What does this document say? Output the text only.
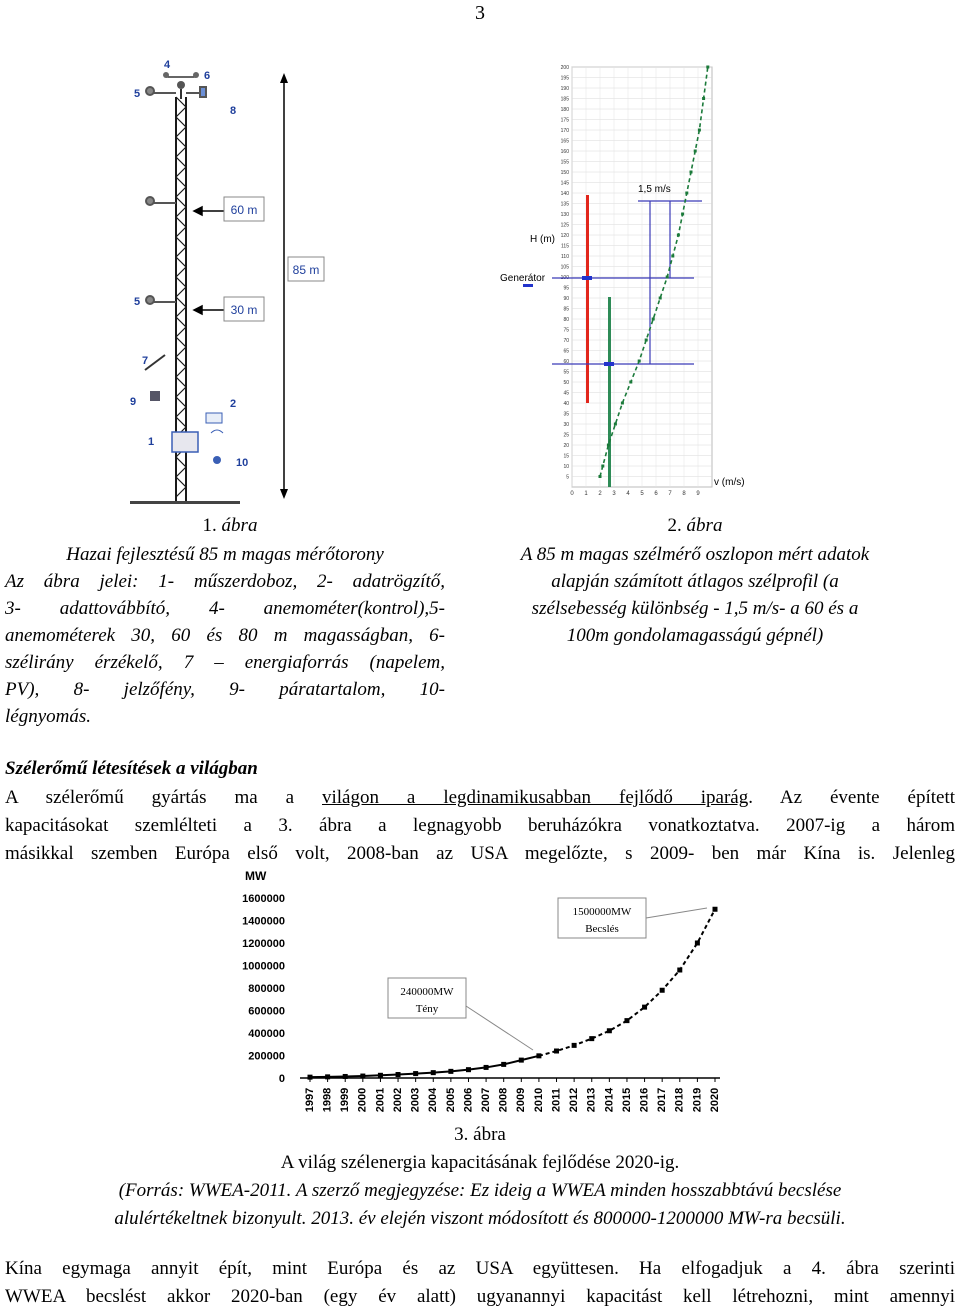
3
60 m
30 m
85 m
4
5
6
8
5
7
9	2
1
10
1. ábra
Hazai fejlesztésű 85 m magas mérőtorony
Az ábra jelei: 1- műszerdoboz, 2- adatrögzítő,
3- adattovábbító, 4- anemométer(kontrol),5-
anemométerek 30, 60 és 80 m magasságban, 6-
szélirány érzékelő, 7 – energiaforrás (napelem,
PV), 8- jelzőfény, 9- páratartalom, 10-
légnyomás.
5
10
15
20
25
30
35
40
45
50
55
60
65
70
75
80
85
90
95
100
105
110
115
120
125
130
135
140
145
150
155
160
165
170
175
180
185
190
195
200
0 1 2 3 4 5 6 7 8 9
1,5 m/s
H (m)
Generátor
v (m/s)
2. ábra
A 85 m magas szélmérő oszlopon mért adatok
alapján számított átlagos szélprofil (a
szélsebesség különbség - 1,5 m/s- a 60 és a
100m gondolamagasságú gépnél)
Szélerőmű létesítések a világban
A szélerőmű gyártás ma a világon a legdinamikusabban fejlődő iparág. Az évente épített
kapacitásokat szemlélteti a 3. ábra a legnagyobb beruházókra vonatkoztatva. 2007-ig a három
másikkal szemben Európa első volt, 2008-ban az USA megelőzte, s 2009- ben már Kína is. Jelenleg
MW
0
200000
400000
600000
800000
1000000
1200000
1400000
1600000
1997 1998 1999 2000 2001 2002 2003 2004 2005 2006 2007 2008 2009 2010 2011 2012 2013 2014 2015 2016 2017 2018 2019 2020
1500000MW
Becslés
240000MW
Tény
3. ábra
A világ szélenergia kapacitásának fejlődése 2020-ig.
(Forrás: WWEA-2011. A szerző megjegyzése: Ez ideig a WWEA minden hosszabbtávú becslése
alulértékeltnek bizonyult. 2013. év elején viszont módosított és 800000-1200000 MW-ra becsüli.
Kína egymaga annyit épít, mint Európa és az USA együttesen. Ha elfogadjuk a 4. ábra szerinti
WWEA becslést akkor 2020-ban (egy év alatt) ugyanannyi kapacitást kell létrehozni, mint amennyi
